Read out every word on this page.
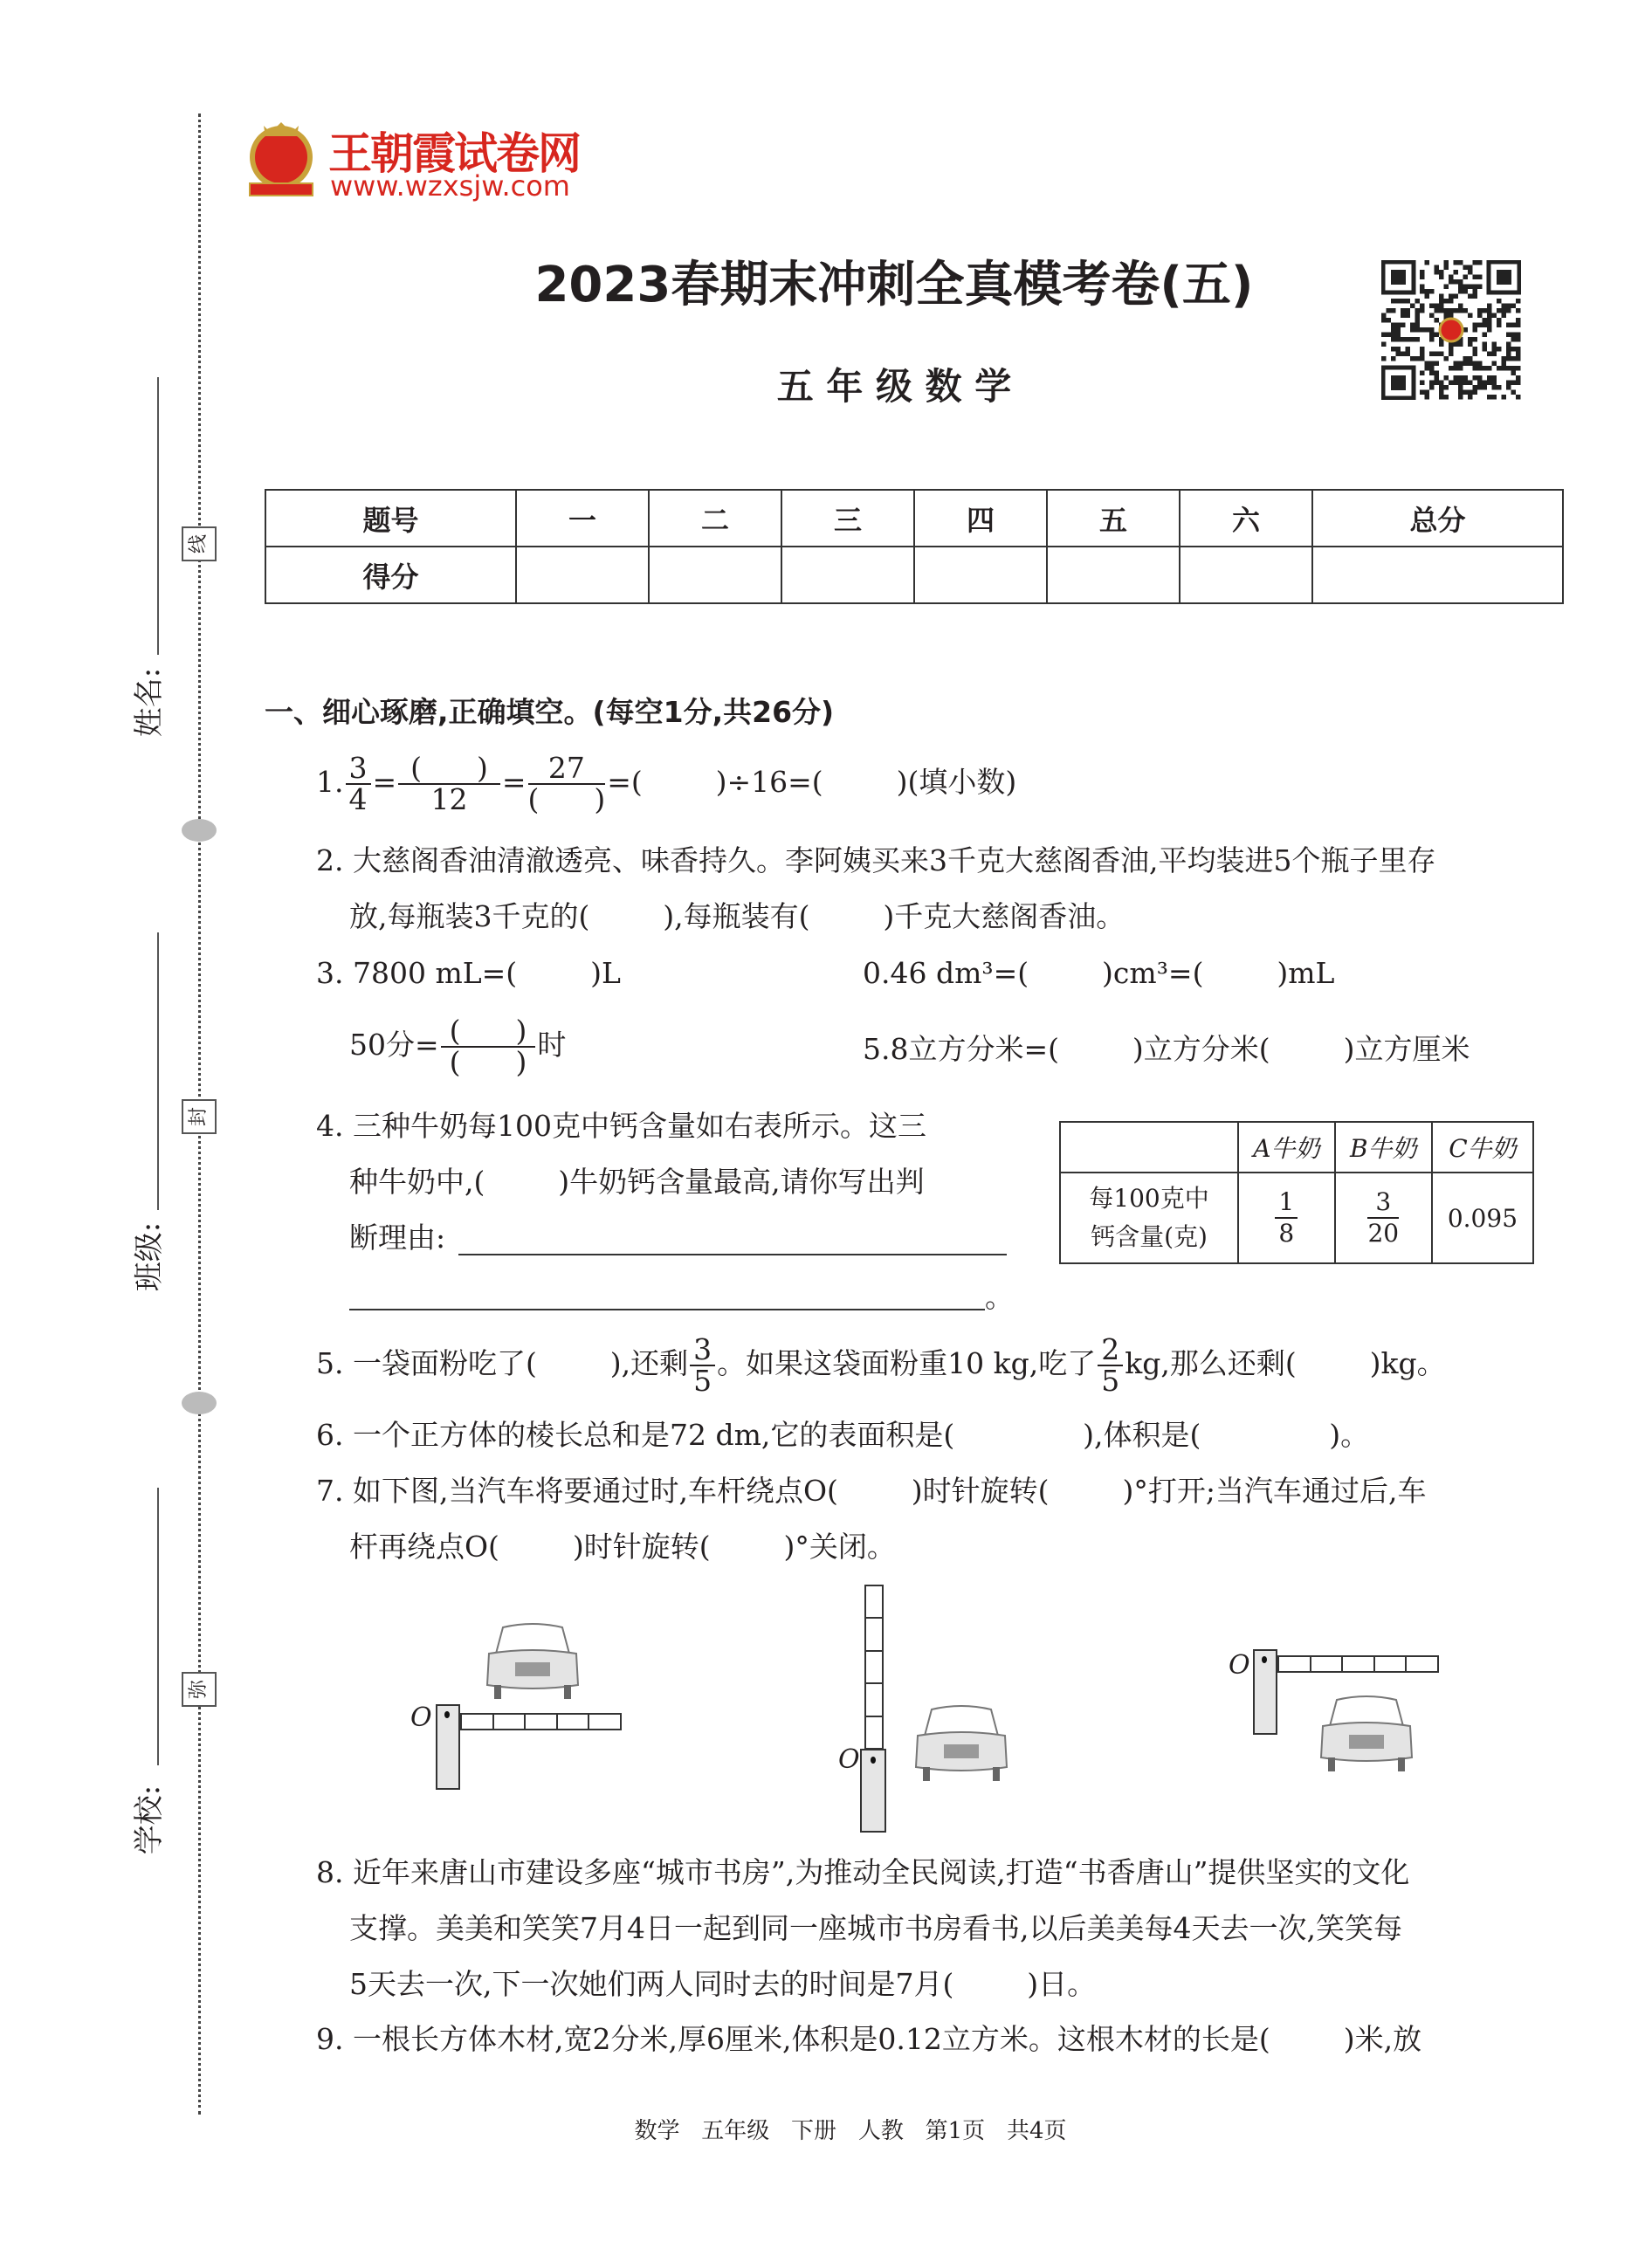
姓名:
班级:
学校:
线
封
弥
王朝霞试卷网
www.wzxsjw.com
2023春期末冲刺全真模考卷(五)
五 年 级 数 学
题号	一	二	三	四	五	六	总分
得分							
一、细心琢磨,正确填空。(每空1分,共26分)
1. $\frac{3}{4} = \frac{( )}{12} = \frac{27}{( )}$ =(        )÷16=(        )(填小数)
2. 大慈阁香油清澈透亮、味香持久。李阿姨买来3千克大慈阁香油,平均装进5个瓶子里存
放,每瓶装3千克的(        ),每瓶装有(        )千克大慈阁香油。
3. 7800 mL=(        )L	0.46 dm³=(        )cm³=(        )mL
50分= $\frac{( )}{( )}$ 时	5.8立方分米=(        )立方分米(        )立方厘米
4. 三种牛奶每100克中钙含量如右表所示。这三
种牛奶中,(        )牛奶钙含量最高,请你写出判
断理由:
。
	A牛奶	B牛奶	C牛奶
每100克中
钙含量(克)	$\frac{1}{8}$	$\frac{3}{20}$	0.095
5. 一袋面粉吃了(        ),还剩 $\frac{3}{5}$ 。如果这袋面粉重10 kg,吃了 $\frac{2}{5}$ kg,那么还剩(        )kg。
6. 一个正方体的棱长总和是72 dm,它的表面积是(              ),体积是(              )。
7. 如下图,当汽车将要通过时,车杆绕点O(        )时针旋转(        )°打开;当汽车通过后,车
杆再绕点O(        )时针旋转(        )°关闭。
O
O
O
8. 近年来唐山市建设多座“城市书房”,为推动全民阅读,打造“书香唐山”提供坚实的文化
支撑。美美和笑笑7月4日一起到同一座城市书房看书,以后美美每4天去一次,笑笑每
5天去一次,下一次她们两人同时去的时间是7月(        )日。
9. 一根长方体木材,宽2分米,厚6厘米,体积是0.12立方米。这根木材的长是(        )米,放
数学   五年级   下册   人教   第1页   共4页
